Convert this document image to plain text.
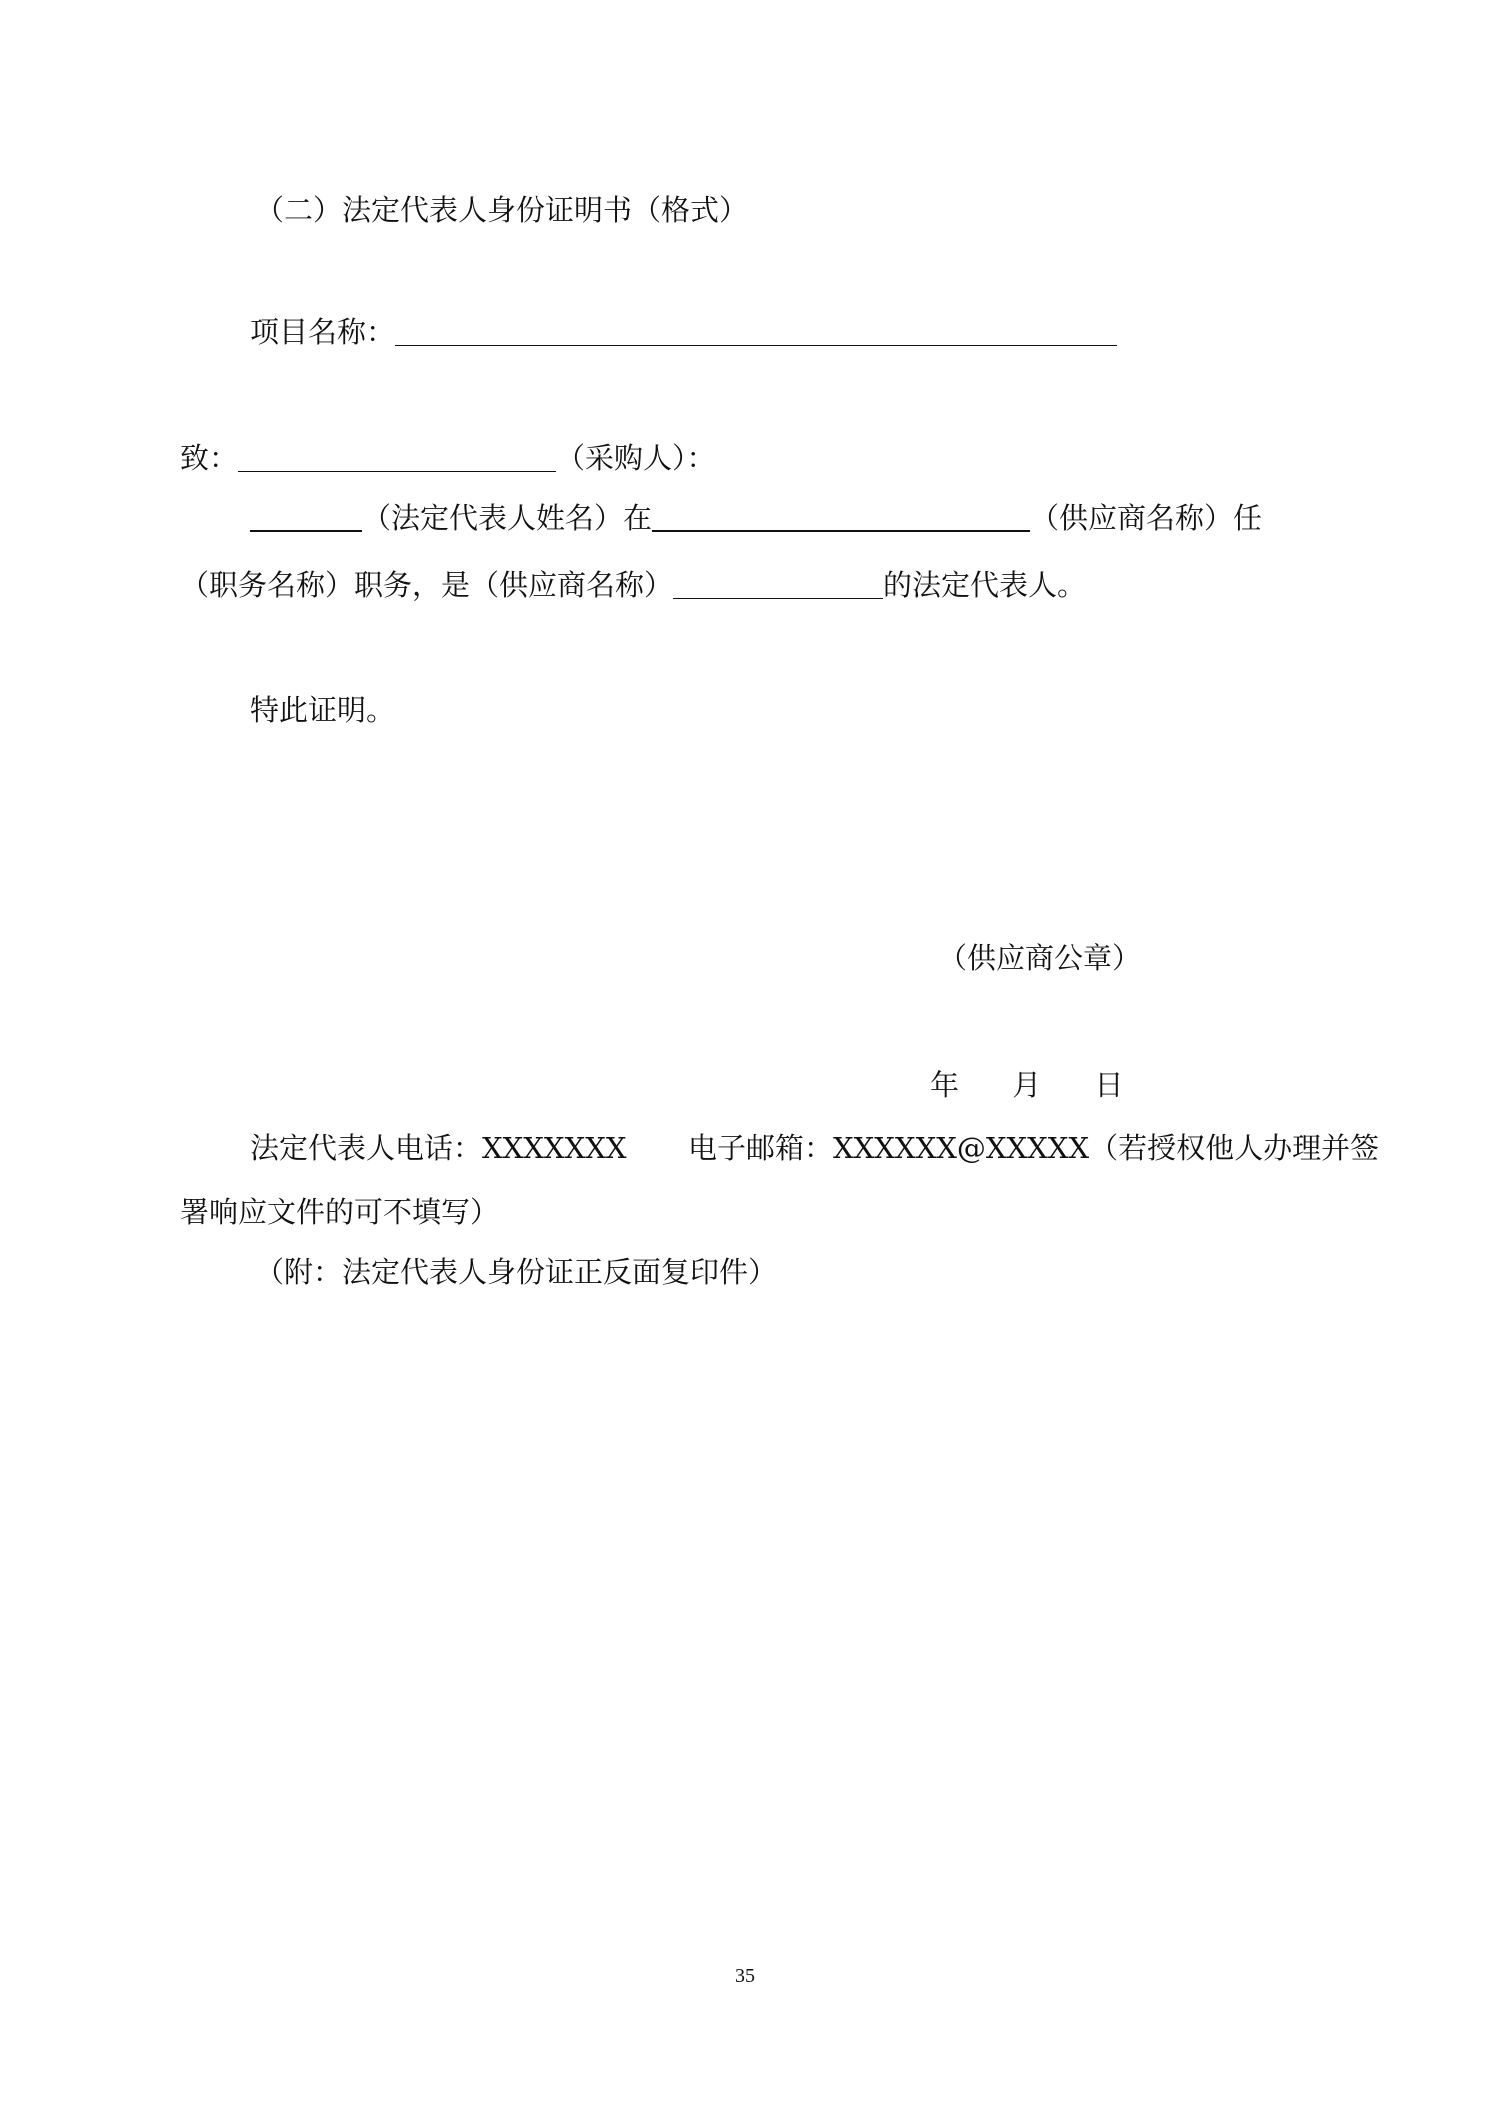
（二）法定代表人身份证明书（格式）
项目名称：
致：	（采购人）：
（法定代表人姓名）在	（供应商名称）任
（职务名称）职务，是（供应商名称）	的法定代表人。
特此证明。
（供应商公章）
年 月 日
法定代表人电话：XXXXXXX 电子邮箱：XXXXXX@XXXXX（若授权他人办理并签
署响应文件的可不填写）
（附：法定代表人身份证正反面复印件）
35
